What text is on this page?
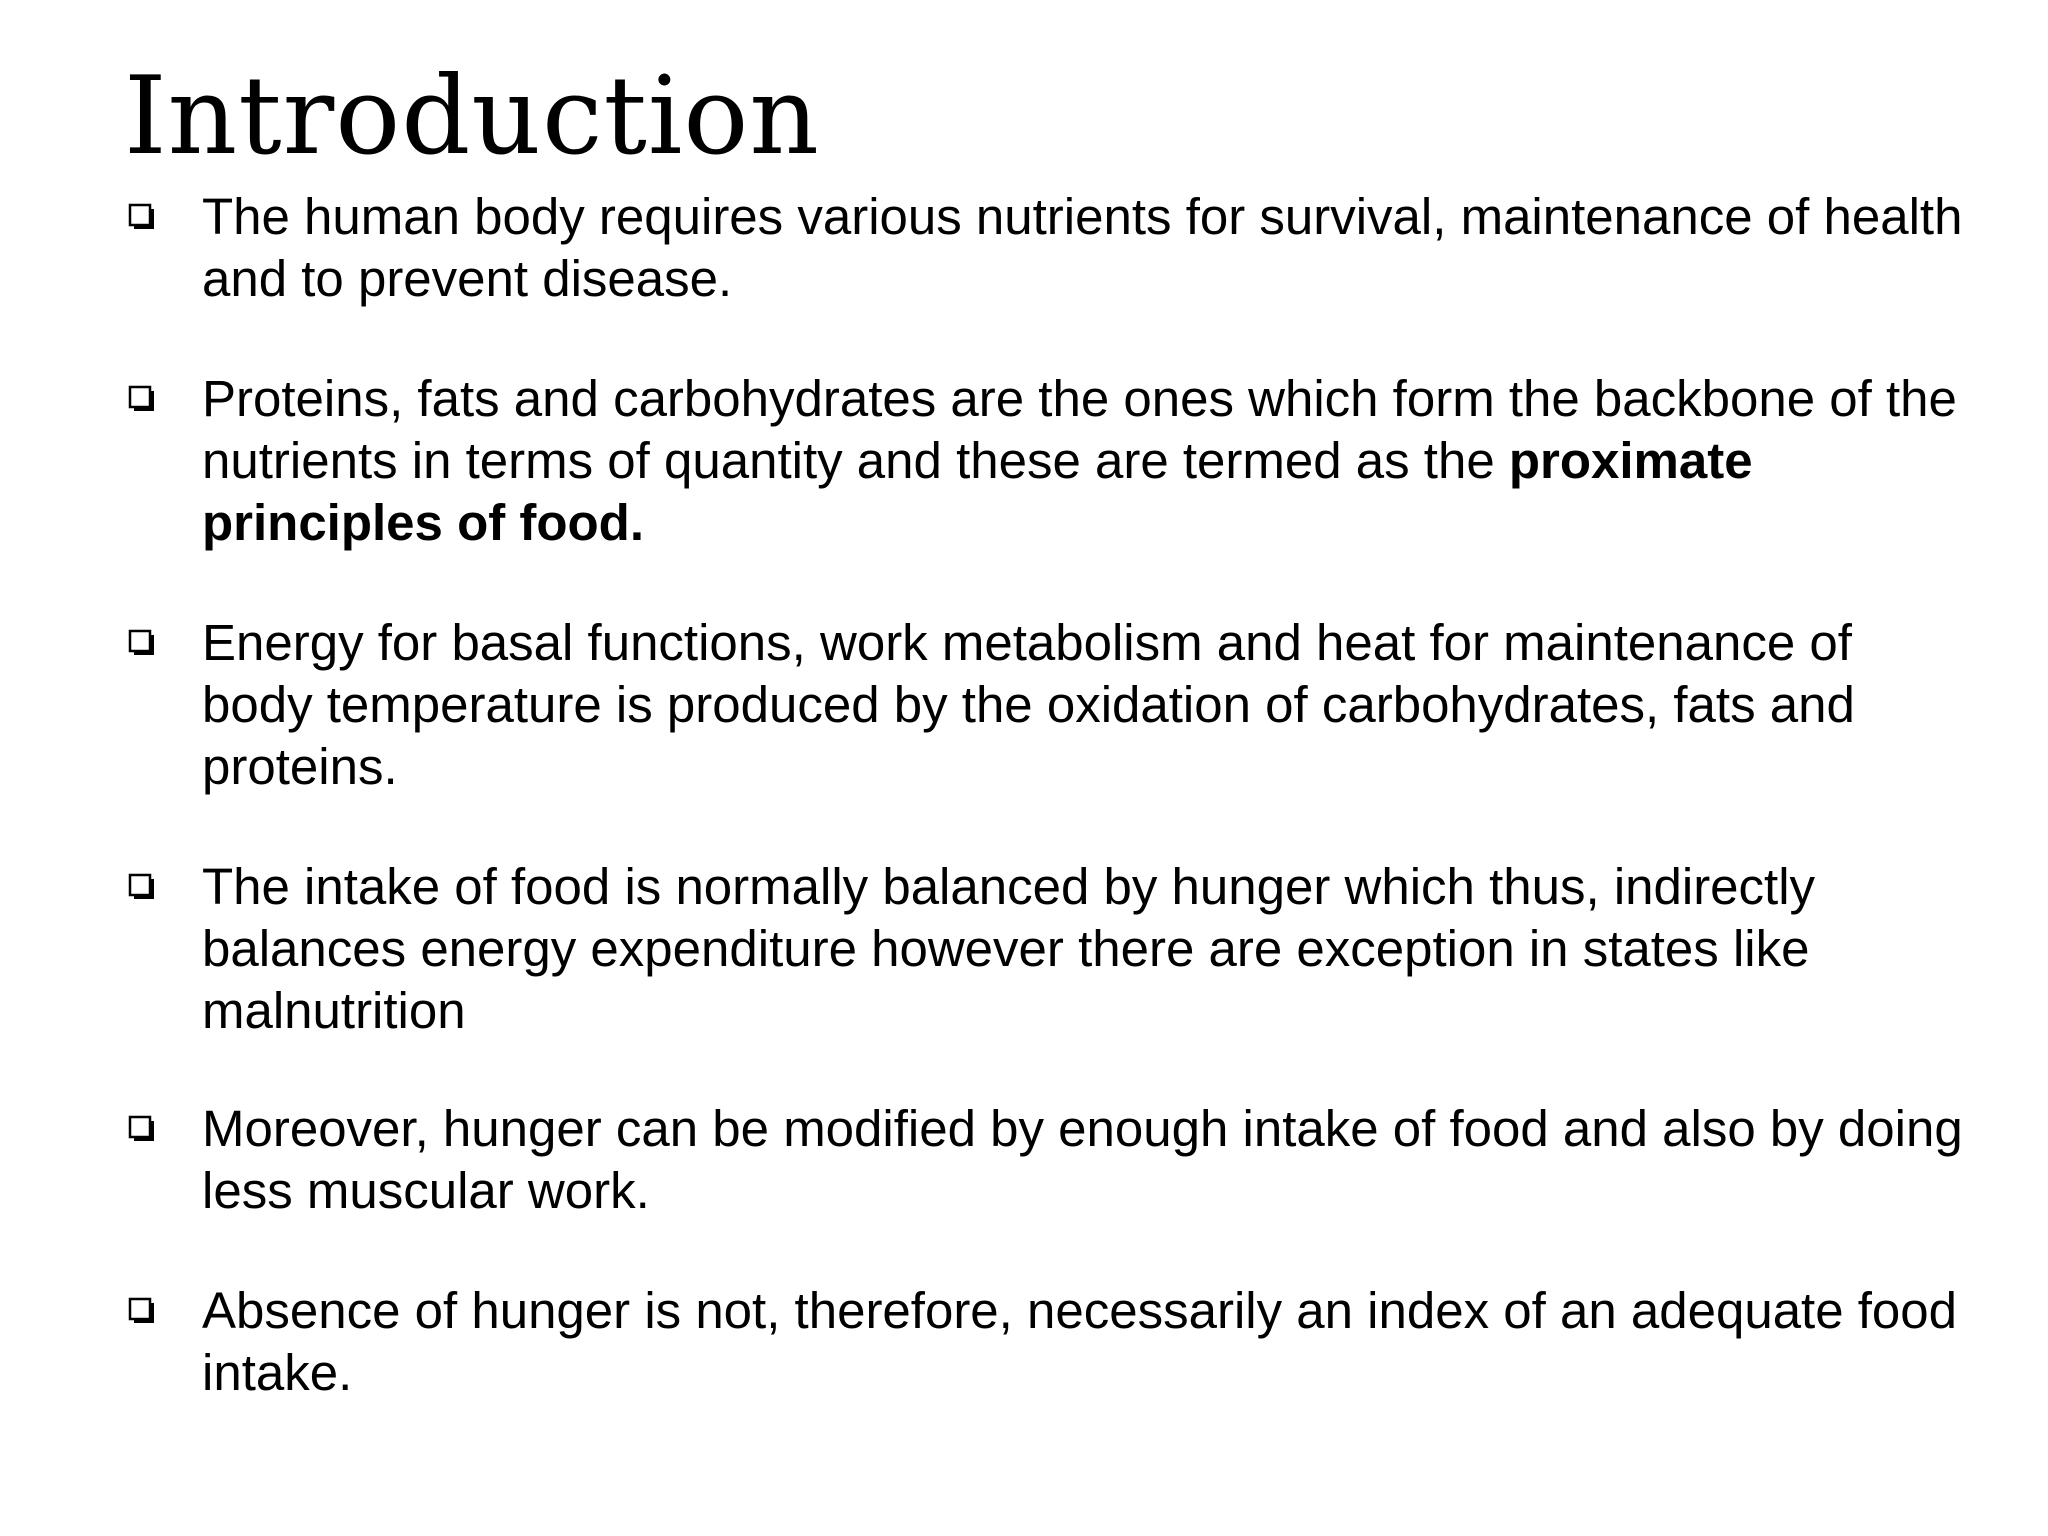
Introduction
The human body requires various nutrients for survival, maintenance of health and to prevent disease.
Proteins, fats and carbohydrates are the ones which form the backbone of the nutrients in terms of quantity and these are termed as the proximate principles of food.
Energy for basal functions, work metabolism and heat for maintenance of body temperature is produced by the oxidation of carbohydrates, fats and proteins.
The intake of food is normally balanced by hunger which thus, indirectly balances energy expenditure however there are exception in states like malnutrition
Moreover, hunger can be modified by enough intake of food and also by doing less muscular work.
Absence of hunger is not, therefore, necessarily an index of an adequate food intake.
